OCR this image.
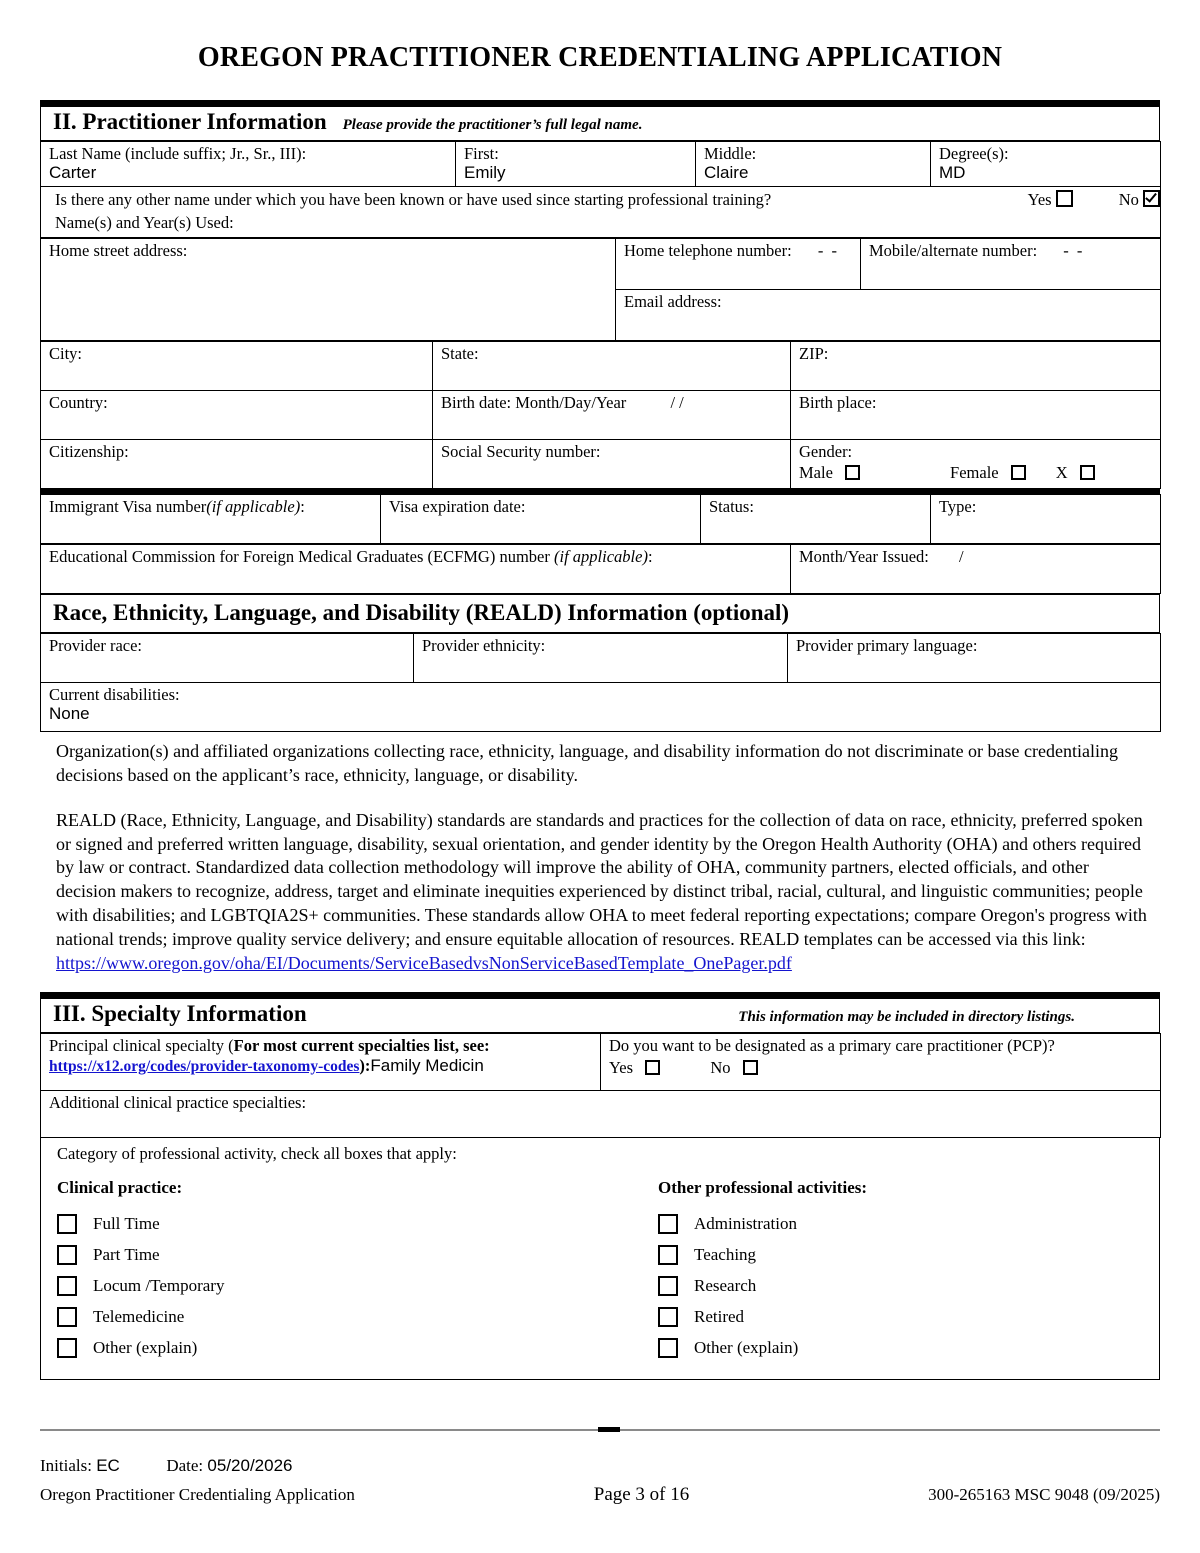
OREGON PRACTITIONER CREDENTIALING APPLICATION
II. Practitioner Information Please provide the practitioner’s full legal name.
Last Name (include suffix; Jr., Sr., III):
Carter
	First:
Emily
	Middle:
Claire
	Degree(s):
MD

Is there any other name under which you have been known or have used since starting professional training?	Yes	No
Name(s) and Year(s) Used:
Home street address:	Home telephone number: - -	Mobile/alternate number: - -
Email address:
City:	State:	ZIP:
Country:	Birth date: Month/Day/Year / /	Birth place:
Citizenship:	Social Security number:	Gender:
Male Female X
Immigrant Visa number(if applicable):	Visa expiration date:	Status:	Type:
Educational Commission for Foreign Medical Graduates (ECFMG) number (if applicable):	Month/Year Issued: /
Race, Ethnicity, Language, and Disability (REALD) Information (optional)
Provider race:	Provider ethnicity:	Provider primary language:
Current disabilities:
None

Organization(s) and affiliated organizations collecting race, ethnicity, language, and disability information do not discriminate or base credentialing decisions based on the applicant’s race, ethnicity, language, or disability.

REALD (Race, Ethnicity, Language, and Disability) standards are standards and practices for the collection of data on race, ethnicity, preferred spoken or signed and preferred written language, disability, sexual orientation, and gender identity by the Oregon Health Authority (OHA) and others required by law or contract. Standardized data collection methodology will improve the ability of OHA, community partners, elected officials, and other decision makers to recognize, address, target and eliminate inequities experienced by distinct tribal, racial, cultural, and linguistic communities; people with disabilities; and LGBTQIA2S+ communities. These standards allow OHA to meet federal reporting expectations; compare Oregon's progress with national trends; improve quality service delivery; and ensure equitable allocation of resources. REALD templates can be accessed via this link: https://www.oregon.gov/oha/EI/Documents/ServiceBasedvsNonServiceBasedTemplate_OnePager.pdf

III. Specialty Information	This information may be included in directory listings.
Principal clinical specialty (For most current specialties list, see:
https://x12.org/codes/provider-taxonomy-codes):Family Medicin
	Do you want to be designated as a primary care practitioner (PCP)?
Yes	No

Additional clinical practice specialties:
Category of professional activity, check all boxes that apply:
Clinical practice:
Full Time
Part Time
Locum /Temporary
Telemedicine
Other (explain)
Other professional activities:
Administration
Teaching
Research
Retired
Other (explain)
Initials: EC	Date: 05/20/2026
Oregon Practitioner Credentialing Application	Page 3 of 16	300-265163 MSC 9048 (09/2025)
